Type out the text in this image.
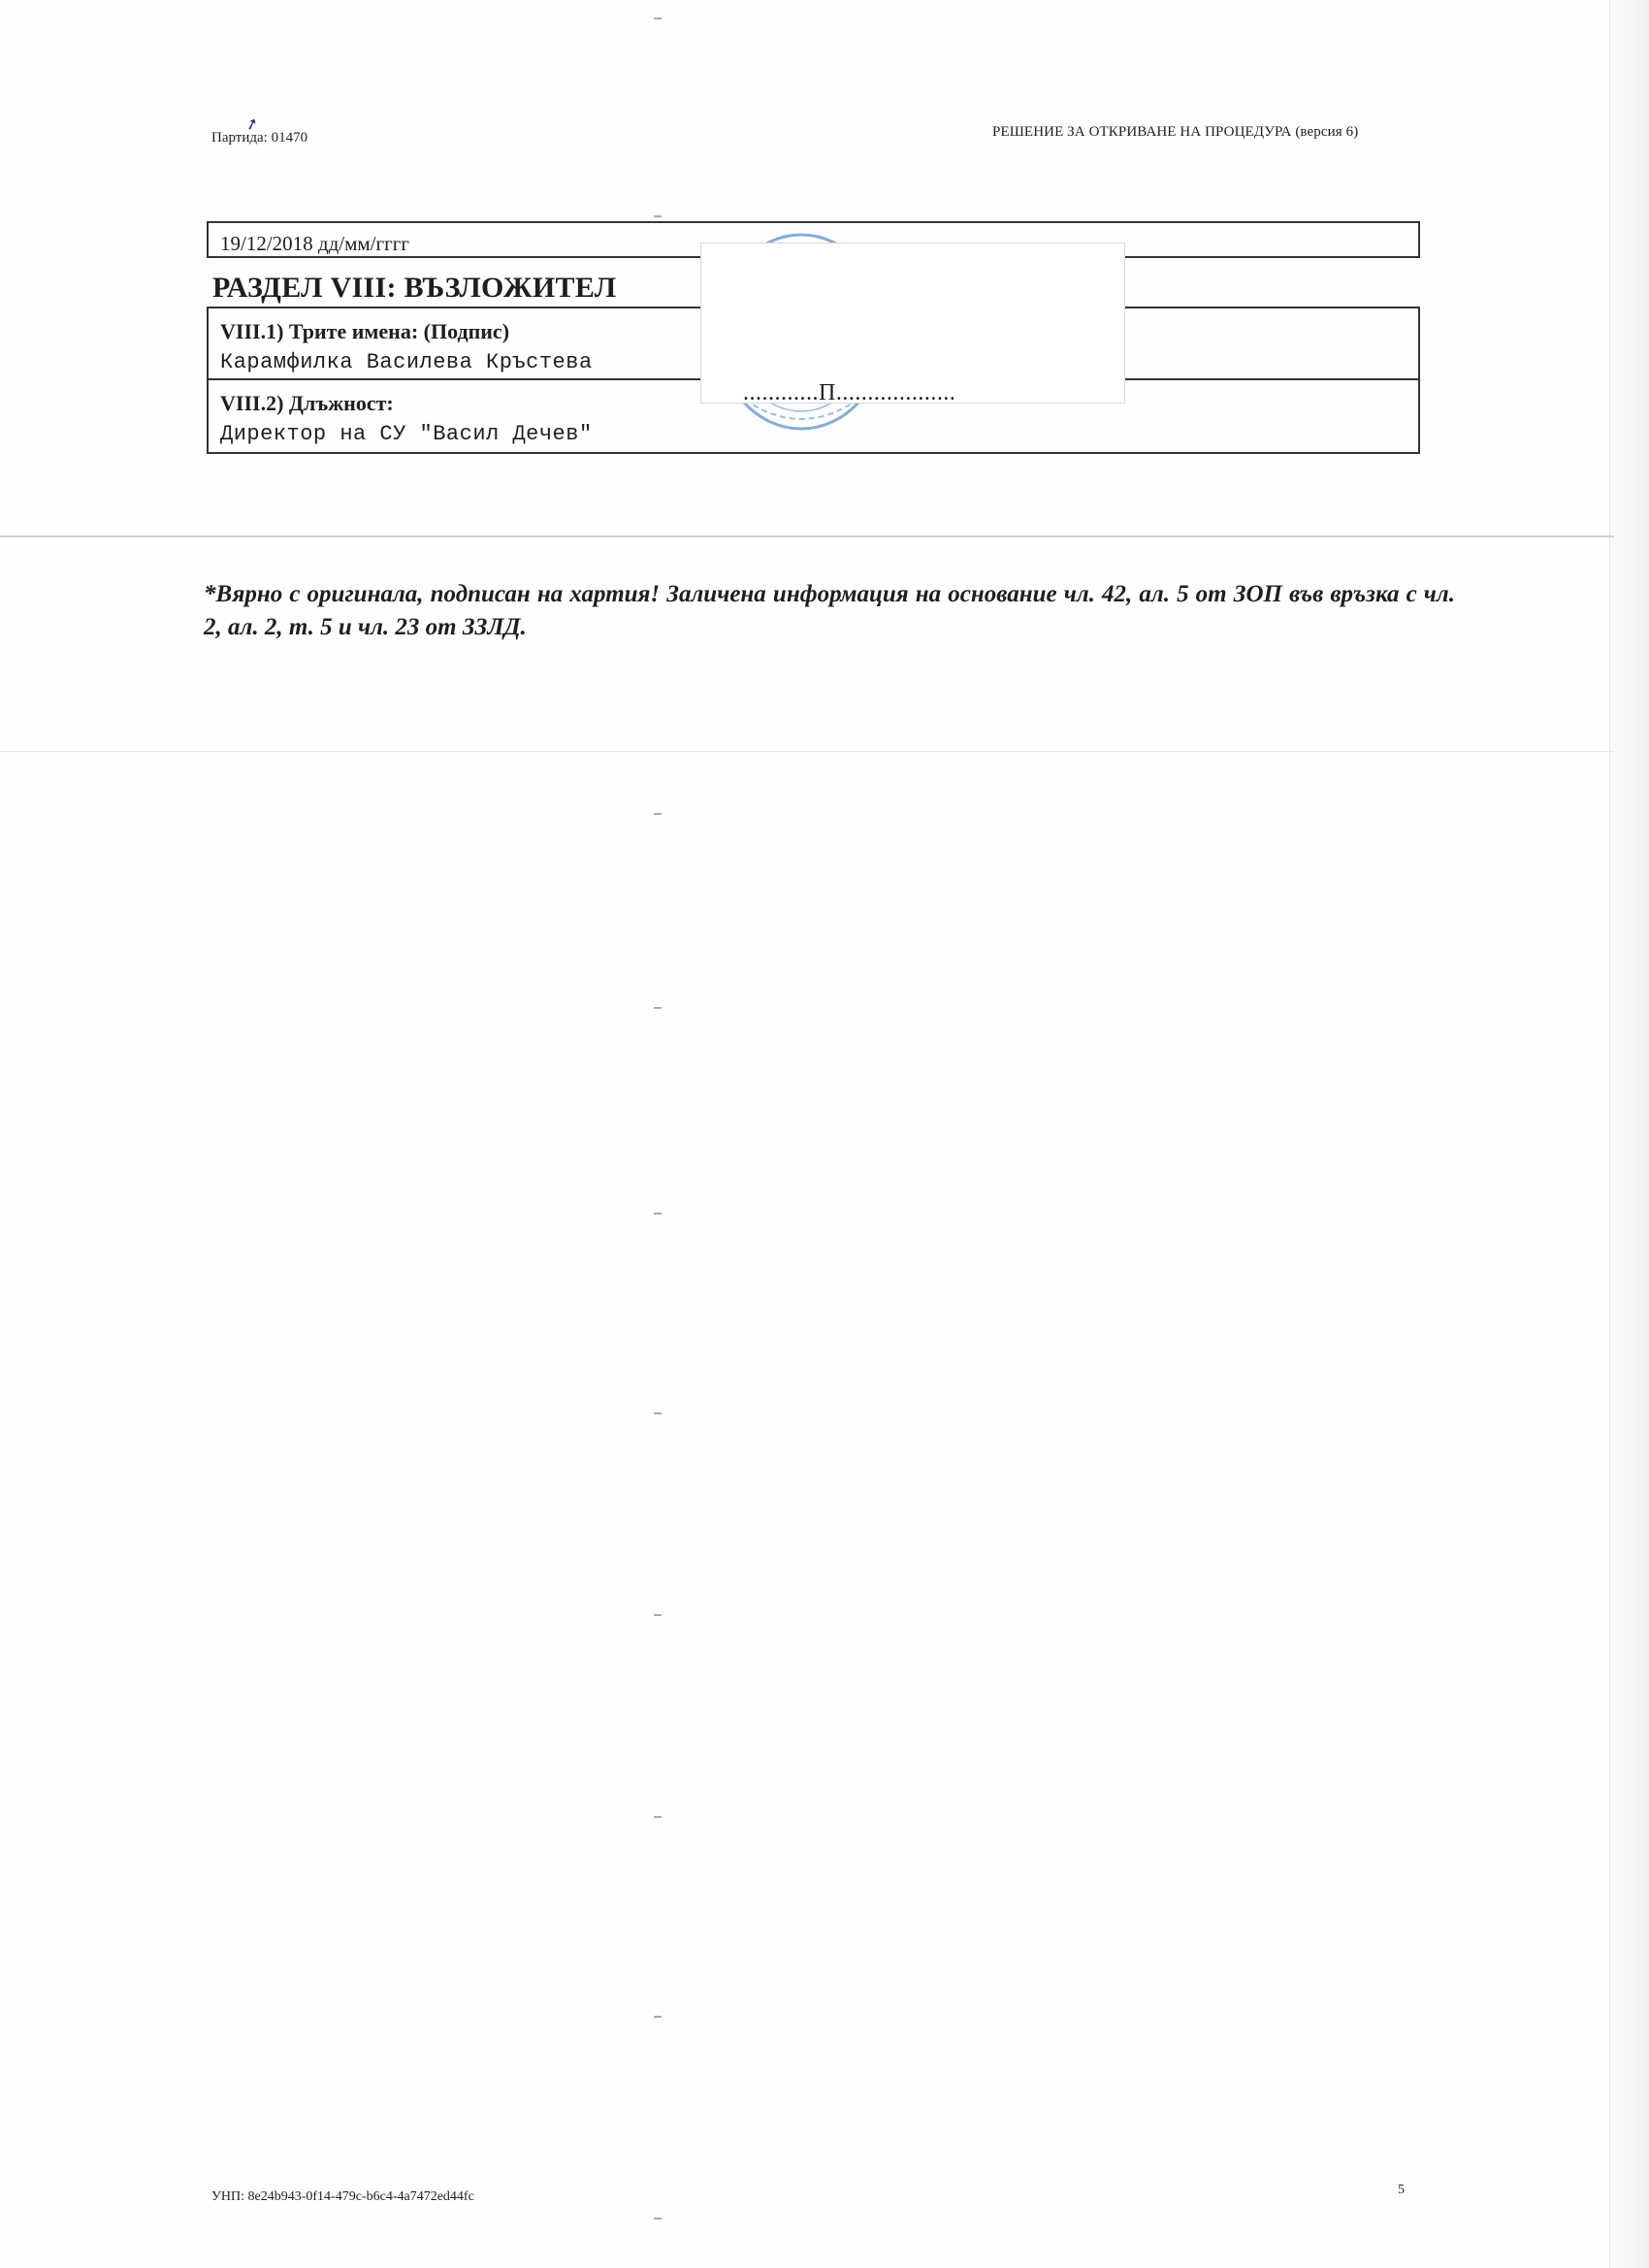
➚
Партида: 01470	РЕШЕНИЕ ЗА ОТКРИВАНЕ НА ПРОЦЕДУРА (версия 6)
19/12/2018 дд/мм/гггг
РАЗДЕЛ VIII: ВЪЗЛОЖИТЕЛ
VIII.1) Трите имена: (Подпис)
Карамфилка Василева Кръстева
VIII.2) Длъжност:
Директор на СУ "Васил Дечев"
............П...................
*Вярно с оригинала, подписан на хартия! Заличена информация на основание чл. 42, ал. 5 от ЗОП във връзка с чл. 2, ал. 2, т. 5 и чл. 23 от ЗЗЛД.
УНП: 8e24b943-0f14-479c-b6c4-4a7472ed44fc	5
